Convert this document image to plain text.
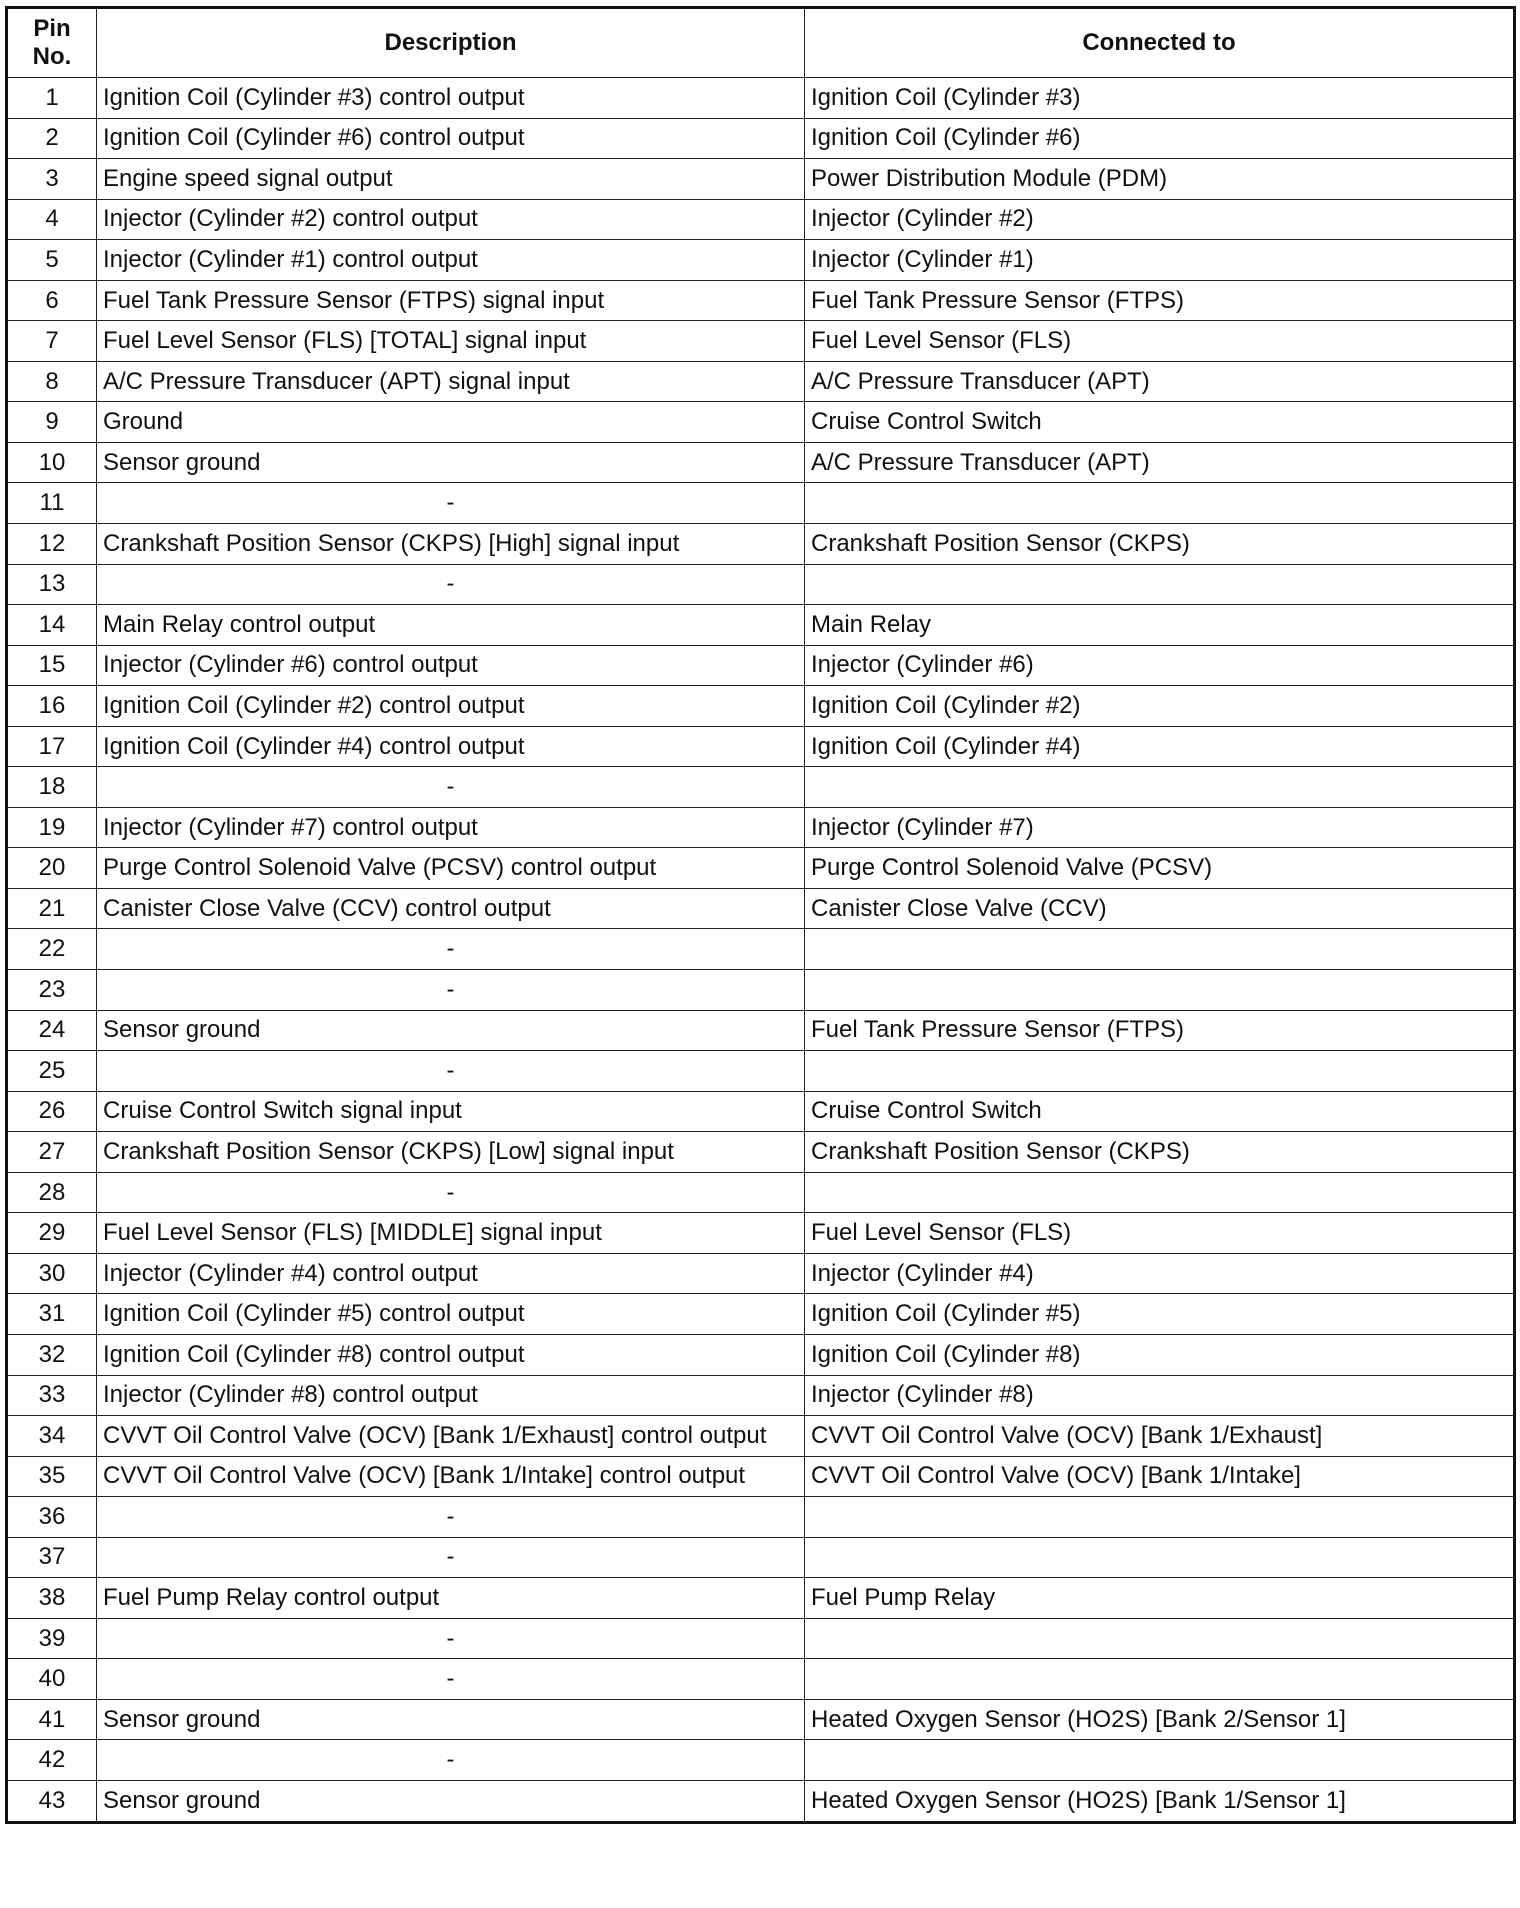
Pin
No.	Description	Connected to
1	Ignition Coil (Cylinder #3) control output	Ignition Coil (Cylinder #3)
2	Ignition Coil (Cylinder #6) control output	Ignition Coil (Cylinder #6)
3	Engine speed signal output	Power Distribution Module (PDM)
4	Injector (Cylinder #2) control output	Injector (Cylinder #2)
5	Injector (Cylinder #1) control output	Injector (Cylinder #1)
6	Fuel Tank Pressure Sensor (FTPS) signal input	Fuel Tank Pressure Sensor (FTPS)
7	Fuel Level Sensor (FLS) [TOTAL] signal input	Fuel Level Sensor (FLS)
8	A/C Pressure Transducer (APT) signal input	A/C Pressure Transducer (APT)
9	Ground	Cruise Control Switch
10	Sensor ground	A/C Pressure Transducer (APT)
11	-	
12	Crankshaft Position Sensor (CKPS) [High] signal input	Crankshaft Position Sensor (CKPS)
13	-	
14	Main Relay control output	Main Relay
15	Injector (Cylinder #6) control output	Injector (Cylinder #6)
16	Ignition Coil (Cylinder #2) control output	Ignition Coil (Cylinder #2)
17	Ignition Coil (Cylinder #4) control output	Ignition Coil (Cylinder #4)
18	-	
19	Injector (Cylinder #7) control output	Injector (Cylinder #7)
20	Purge Control Solenoid Valve (PCSV) control output	Purge Control Solenoid Valve (PCSV)
21	Canister Close Valve (CCV) control output	Canister Close Valve (CCV)
22	-	
23	-	
24	Sensor ground	Fuel Tank Pressure Sensor (FTPS)
25	-	
26	Cruise Control Switch signal input	Cruise Control Switch
27	Crankshaft Position Sensor (CKPS) [Low] signal input	Crankshaft Position Sensor (CKPS)
28	-	
29	Fuel Level Sensor (FLS) [MIDDLE] signal input	Fuel Level Sensor (FLS)
30	Injector (Cylinder #4) control output	Injector (Cylinder #4)
31	Ignition Coil (Cylinder #5) control output	Ignition Coil (Cylinder #5)
32	Ignition Coil (Cylinder #8) control output	Ignition Coil (Cylinder #8)
33	Injector (Cylinder #8) control output	Injector (Cylinder #8)
34	CVVT Oil Control Valve (OCV) [Bank 1/Exhaust] control output	CVVT Oil Control Valve (OCV) [Bank 1/Exhaust]
35	CVVT Oil Control Valve (OCV) [Bank 1/Intake] control output	CVVT Oil Control Valve (OCV) [Bank 1/Intake]
36	-	
37	-	
38	Fuel Pump Relay control output	Fuel Pump Relay
39	-	
40	-	
41	Sensor ground	Heated Oxygen Sensor (HO2S) [Bank 2/Sensor 1]
42	-	
43	Sensor ground	Heated Oxygen Sensor (HO2S) [Bank 1/Sensor 1]
